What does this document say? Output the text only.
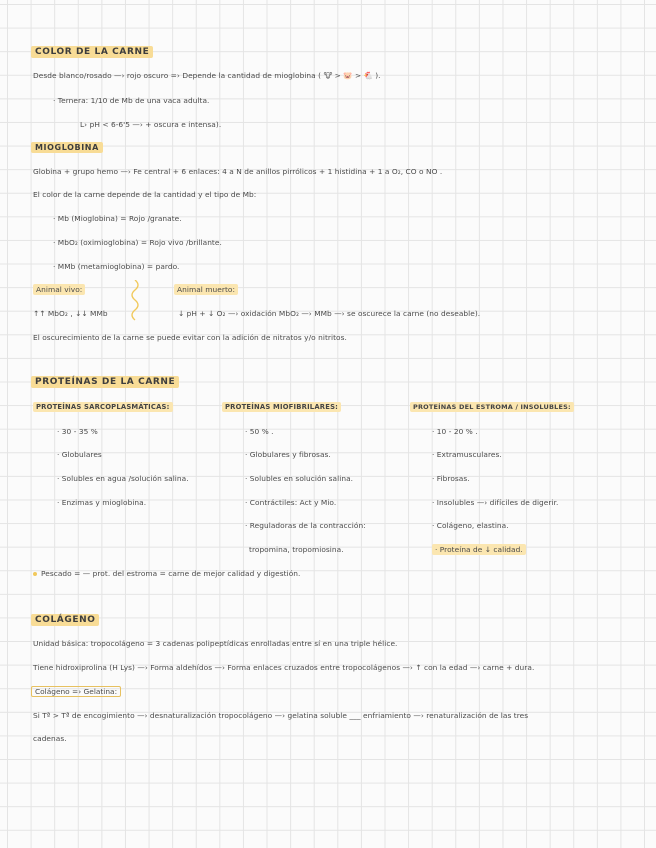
COLOR DE LA CARNE
Desde blanco/rosado —› rojo oscuro =› Depende la cantidad de mioglobina ( 🐮 > 🐷 > 🐔 ).
· Ternera: 1/10 de Mb de una vaca adulta.
L› pH < 6-6'5 —› + oscura e intensa).
MIOGLOBINA
Globina + grupo hemo —› Fe central + 6 enlaces: 4 a N de anillos pirrólicos + 1 histidina + 1 a O₂, CO o NO .
El color de la carne depende de la cantidad y el tipo de Mb:
· Mb (Mioglobina) = Rojo /granate.
· MbO₂ (oximioglobina) = Rojo vivo /brillante.
· MMb (metamioglobina) = pardo.
Animal vivo:	Animal muerto:
↑↑ MbO₂ , ↓↓ MMb	↓ pH + ↓ O₂ —› oxidación MbO₂ —› MMb —› se oscurece la carne (no deseable).
El oscurecimiento de la carne se puede evitar con la adición de nitratos y/o nitritos.
PROTEÍNAS DE LA CARNE
PROTEÍNAS SARCOPLASMÁTICAS:
· 30 - 35 %
· Globulares
· Solubles en agua /solución salina.
· Enzimas y mioglobina.
PROTEÍNAS MIOFIBRILARES:
· 50 % .
· Globulares y fibrosas.
· Solubles en solución salina.
· Contráctiles: Act y Mio.
· Reguladoras de la contracción:
tropomina, tropomiosina.
PROTEÍNAS DEL ESTROMA / INSOLUBLES:
· 10 - 20 % .
· Extramusculares.
· Fibrosas.
· Insolubles —› difíciles de digerir.
· Colágeno, elastina.
· Proteína de ↓ calidad.
Pescado = — prot. del estroma = carne de mejor calidad y digestión.
COLÁGENO
Unidad básica: tropocolágeno = 3 cadenas polipeptídicas enrolladas entre sí en una triple hélice.
Tiene hidroxiprolina (H Lys) —› Forma aldehídos —› Forma enlaces cruzados entre tropocolágenos —› ↑ con la edad —› carne + dura.
Colágeno =› Gelatina:
Si Tª > Tª de encogimiento —› desnaturalización tropocolágeno —› gelatina soluble ___ enfriamiento —› renaturalización de las tres
cadenas.
